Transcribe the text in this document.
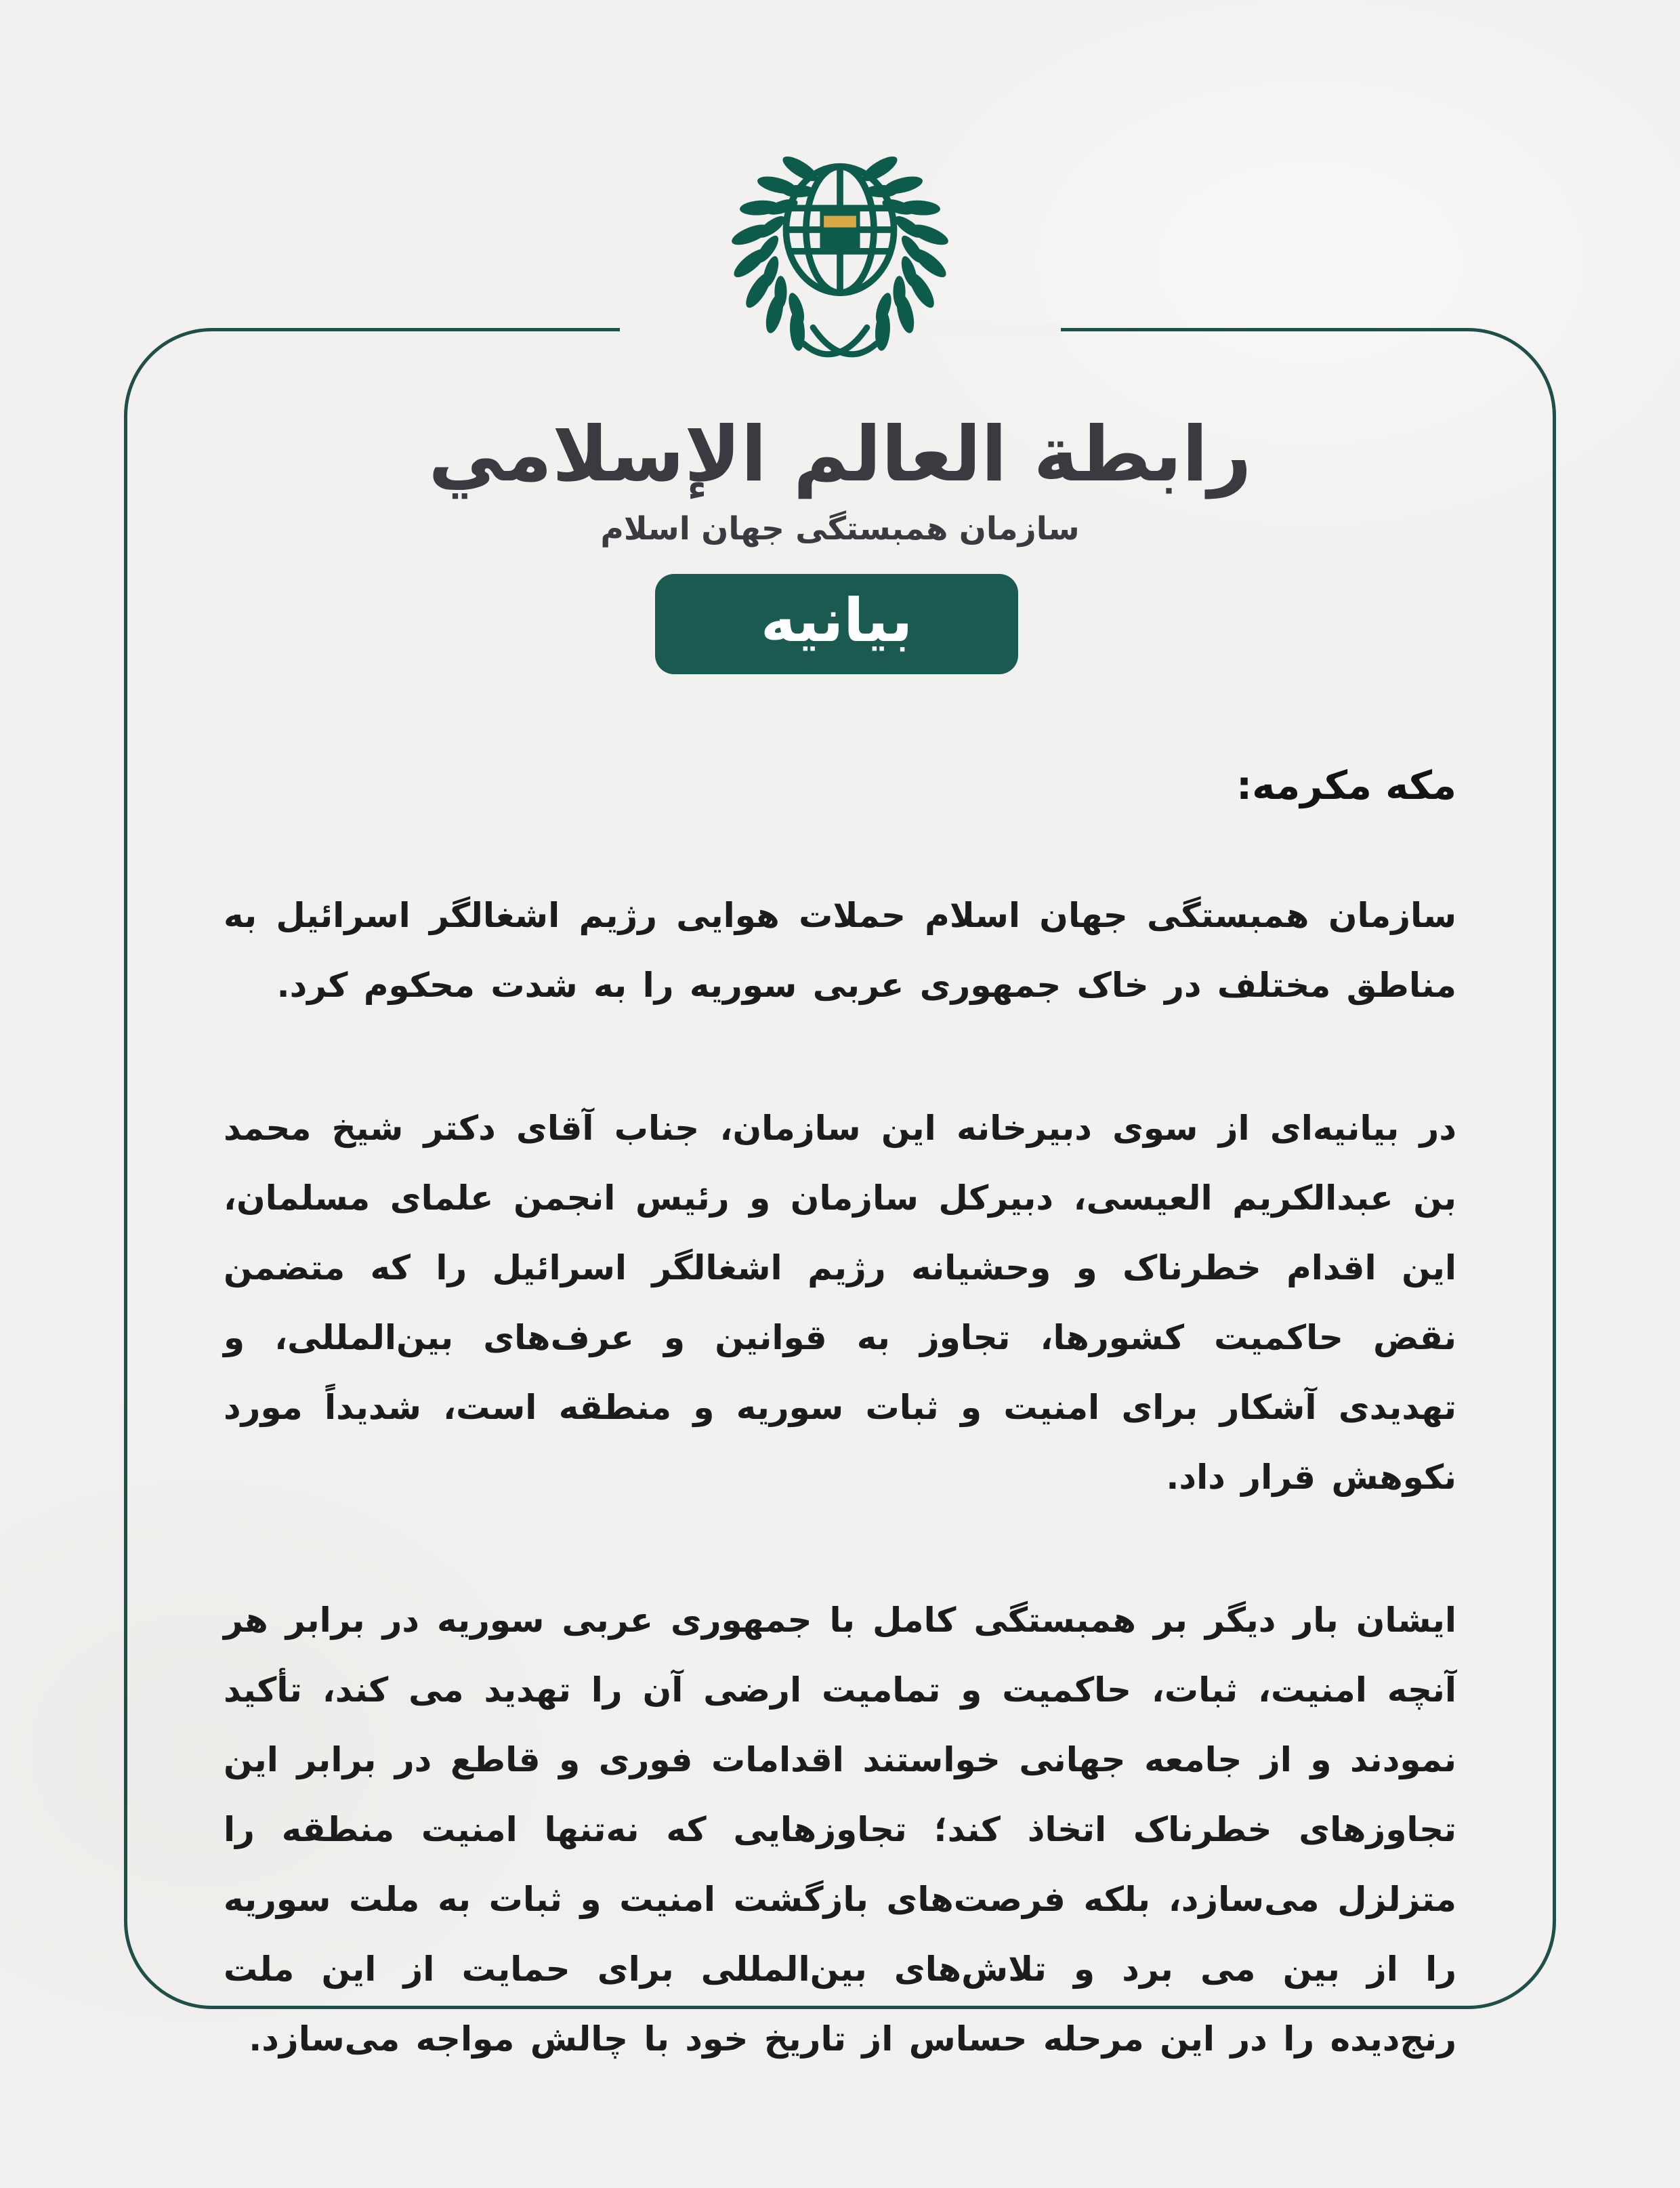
رابطة العالم الإسلامي
سازمان همبستگی جهان اسلام
بیانیه
مکه مکرمه:

سازمان همبستگی جهان اسلام حملات هوایی رژیم اشغالگر اسرائیل به مناطق مختلف در خاک جمهوری عربی سوریه را به شدت محکوم کرد.

در بیانیه‌ای از سوی دبیرخانه این سازمان، جناب آقای دکتر شیخ محمد بن عبدالکریم العیسی، دبیرکل سازمان و رئیس انجمن علمای مسلمان، این اقدام خطرناک و وحشیانه رژیم اشغالگر اسرائیل را که متضمن نقض حاکمیت کشورها، تجاوز به قوانین و عرف‌های بین‌المللی، و تهدیدی آشکار برای امنیت و ثبات سوریه و منطقه است، شدیداً مورد نکوهش قرار داد.

ایشان بار دیگر بر همبستگی کامل با جمهوری عربی سوریه در برابر هر آنچه امنیت، ثبات، حاکمیت و تمامیت ارضی آن را تهدید می کند، تأکید نمودند و از جامعه جهانی خواستند اقدامات فوری و قاطع در برابر این تجاوزهای خطرناک اتخاذ کند؛ تجاوزهایی که نه‌تنها امنیت منطقه را متزلزل می‌سازد، بلکه فرصت‌های بازگشت امنیت و ثبات به ملت سوریه را از بین می برد و تلاش‌های بین‌المللی برای حمایت از این ملت رنج‌دیده را در این مرحله حساس از تاریخ خود با چالش مواجه می‌سازد.
